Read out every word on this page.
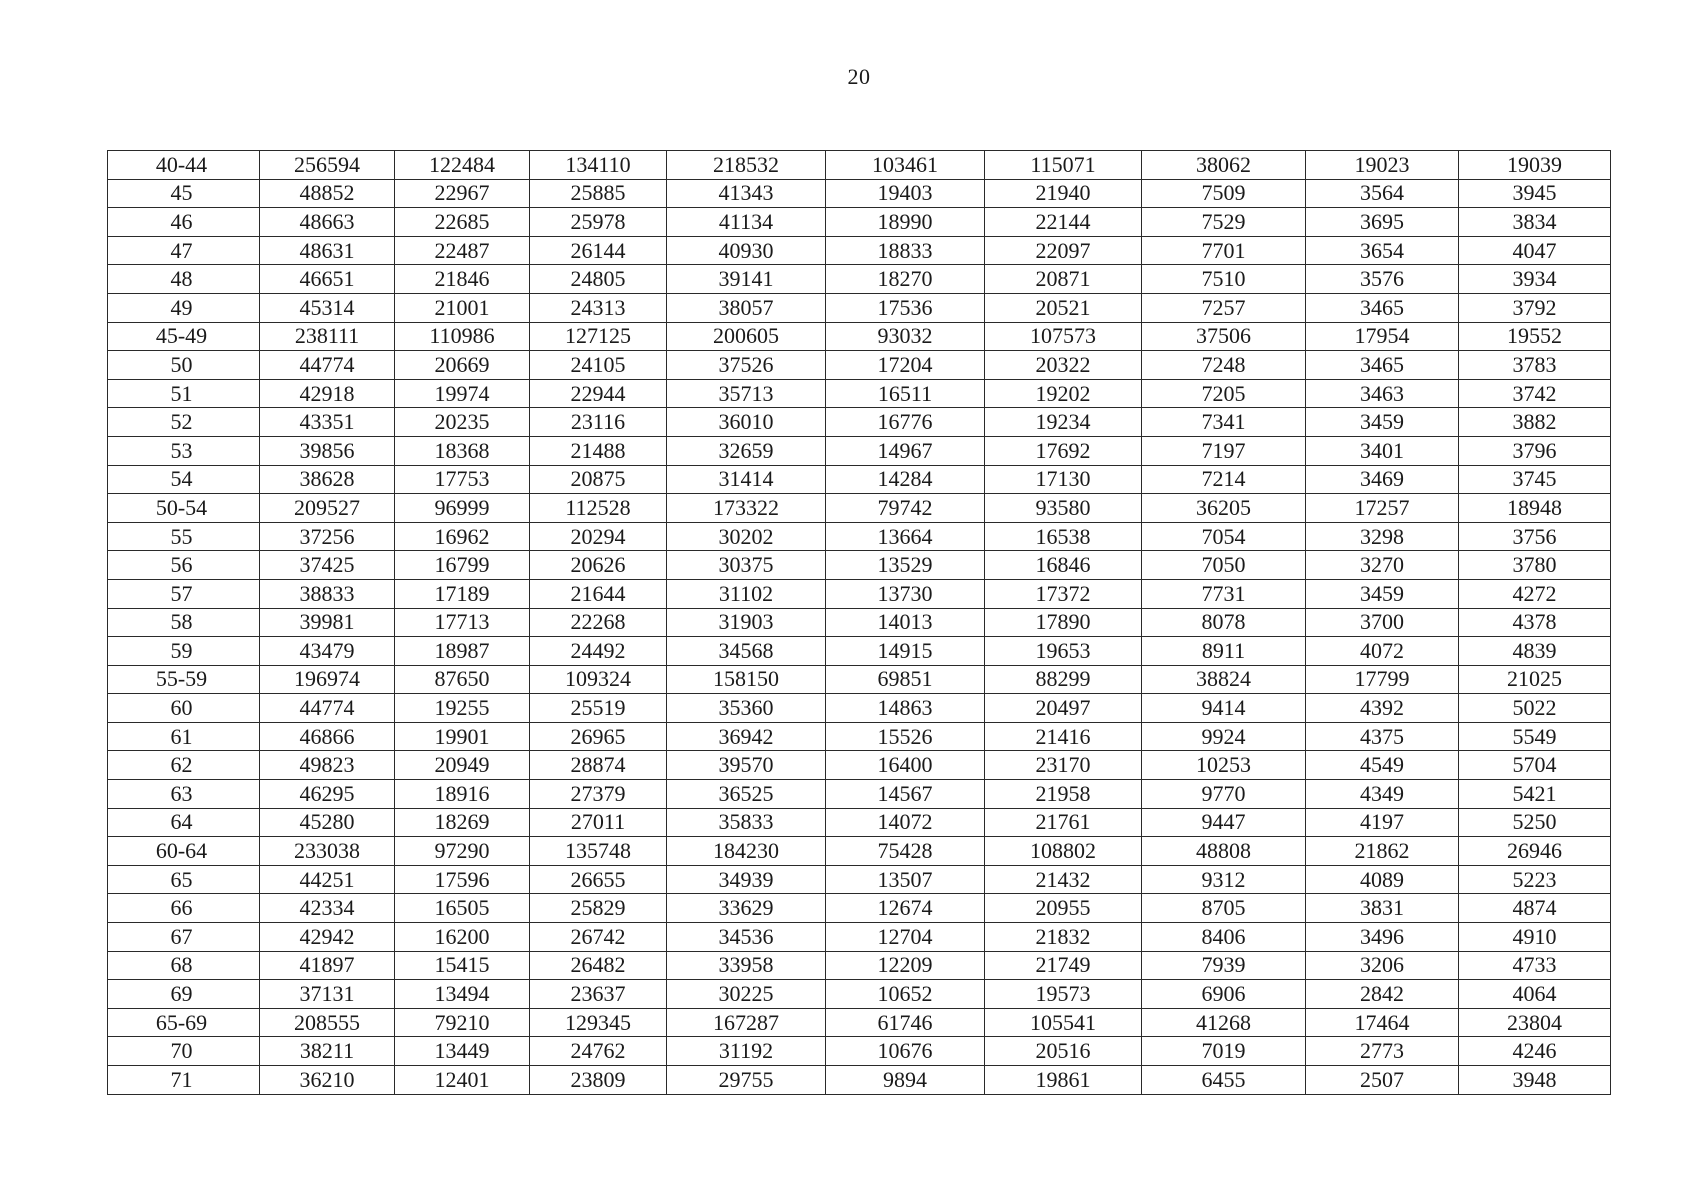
20
40-44	256594	122484	134110	218532	103461	115071	38062	19023	19039
45	48852	22967	25885	41343	19403	21940	7509	3564	3945
46	48663	22685	25978	41134	18990	22144	7529	3695	3834
47	48631	22487	26144	40930	18833	22097	7701	3654	4047
48	46651	21846	24805	39141	18270	20871	7510	3576	3934
49	45314	21001	24313	38057	17536	20521	7257	3465	3792
45-49	238111	110986	127125	200605	93032	107573	37506	17954	19552
50	44774	20669	24105	37526	17204	20322	7248	3465	3783
51	42918	19974	22944	35713	16511	19202	7205	3463	3742
52	43351	20235	23116	36010	16776	19234	7341	3459	3882
53	39856	18368	21488	32659	14967	17692	7197	3401	3796
54	38628	17753	20875	31414	14284	17130	7214	3469	3745
50-54	209527	96999	112528	173322	79742	93580	36205	17257	18948
55	37256	16962	20294	30202	13664	16538	7054	3298	3756
56	37425	16799	20626	30375	13529	16846	7050	3270	3780
57	38833	17189	21644	31102	13730	17372	7731	3459	4272
58	39981	17713	22268	31903	14013	17890	8078	3700	4378
59	43479	18987	24492	34568	14915	19653	8911	4072	4839
55-59	196974	87650	109324	158150	69851	88299	38824	17799	21025
60	44774	19255	25519	35360	14863	20497	9414	4392	5022
61	46866	19901	26965	36942	15526	21416	9924	4375	5549
62	49823	20949	28874	39570	16400	23170	10253	4549	5704
63	46295	18916	27379	36525	14567	21958	9770	4349	5421
64	45280	18269	27011	35833	14072	21761	9447	4197	5250
60-64	233038	97290	135748	184230	75428	108802	48808	21862	26946
65	44251	17596	26655	34939	13507	21432	9312	4089	5223
66	42334	16505	25829	33629	12674	20955	8705	3831	4874
67	42942	16200	26742	34536	12704	21832	8406	3496	4910
68	41897	15415	26482	33958	12209	21749	7939	3206	4733
69	37131	13494	23637	30225	10652	19573	6906	2842	4064
65-69	208555	79210	129345	167287	61746	105541	41268	17464	23804
70	38211	13449	24762	31192	10676	20516	7019	2773	4246
71	36210	12401	23809	29755	9894	19861	6455	2507	3948
